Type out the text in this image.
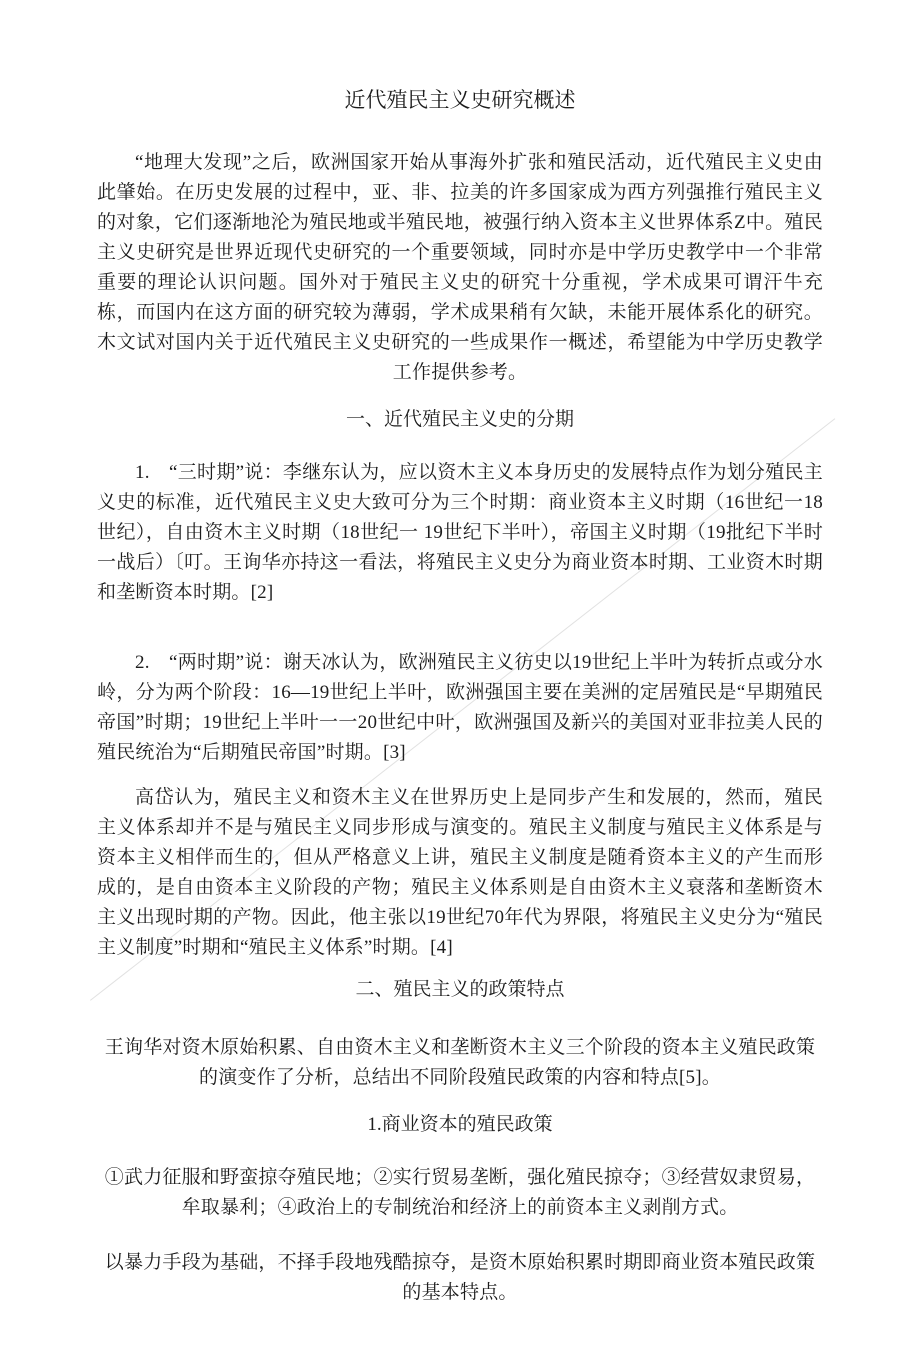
近代殖民主义史研究概述

“地理大发现”之后，欧洲国家开始从事海外扩张和殖民活动，近代殖民主义史由此肇始。在历史发展的过程中，亚、非、拉美的许多国家成为西方列强推行殖民主义的对象，它们逐渐地沦为殖民地或半殖民地，被强行纳入资本主义世界体系Z中。殖民主义史研究是世界近现代史研究的一个重要领域，同时亦是中学历史教学中一个非常重要的理论认识问题。国外对于殖民主义史的研究十分重视，学术成果可谓汗牛充栋，而国内在这方面的研究较为薄弱，学术成果稍有欠缺，未能开展体系化的研究。木文试对国内关于近代殖民主义史研究的一些成果作一概述，希望能为中学历史教学工作提供参考。

一、近代殖民主义史的分期

1.　“三时期”说：李继东认为，应以资木主义本身历史的发展特点作为划分殖民主义史的标准，近代殖民主义史大致可分为三个时期：商业资本主义时期（16世纪一18世纪），自由资木主义时期（18世纪一 19世纪下半叶），帝国主义时期（19批纪下半时一战后）〔叮。王询华亦持这一看法，将殖民主义史分为商业资本时期、工业资木时期和垄断资本时期。[2]

2.　“两时期”说：谢天冰认为，欧洲殖民主义彷史以19世纪上半叶为转折点或分水岭，分为两个阶段：16—19世纪上半叶，欧洲强国主要在美洲的定居殖民是“早期殖民帝国”时期；19世纪上半叶一一20世纪中叶，欧洲强国及新兴的美国对亚非拉美人民的殖民统治为“后期殖民帝国”时期。[3]

高岱认为，殖民主义和资木主义在世界历史上是同步产生和发展的，然而，殖民主义体系却并不是与殖民主义同步形成与演变的。殖民主义制度与殖民主义体系是与资本主义相伴而生的，但从严格意义上讲，殖民主义制度是随肴资本主义的产生而形成的，是自由资本主义阶段的产物；殖民主义体系则是自由资木主义衰落和垄断资木主义出现时期的产物。因此，他主张以19世纪70年代为界限，将殖民主义史分为“殖民主义制度”时期和“殖民主义体系”时期。[4]

二、殖民主义的政策特点

王询华对资木原始积累、自由资木主义和垄断资木主义三个阶段的资本主义殖民政策的演变作了分析，总结出不同阶段殖民政策的内容和特点[5]。

1.商业资本的殖民政策

①武力征服和野蛮掠夺殖民地；②实行贸易垄断，强化殖民掠夺；③经营奴隶贸易，牟取暴利；④政治上的专制统治和经济上的前资本主义剥削方式。

以暴力手段为基础，不择手段地残酷掠夺，是资木原始积累时期即商业资本殖民政策的基本特点。
